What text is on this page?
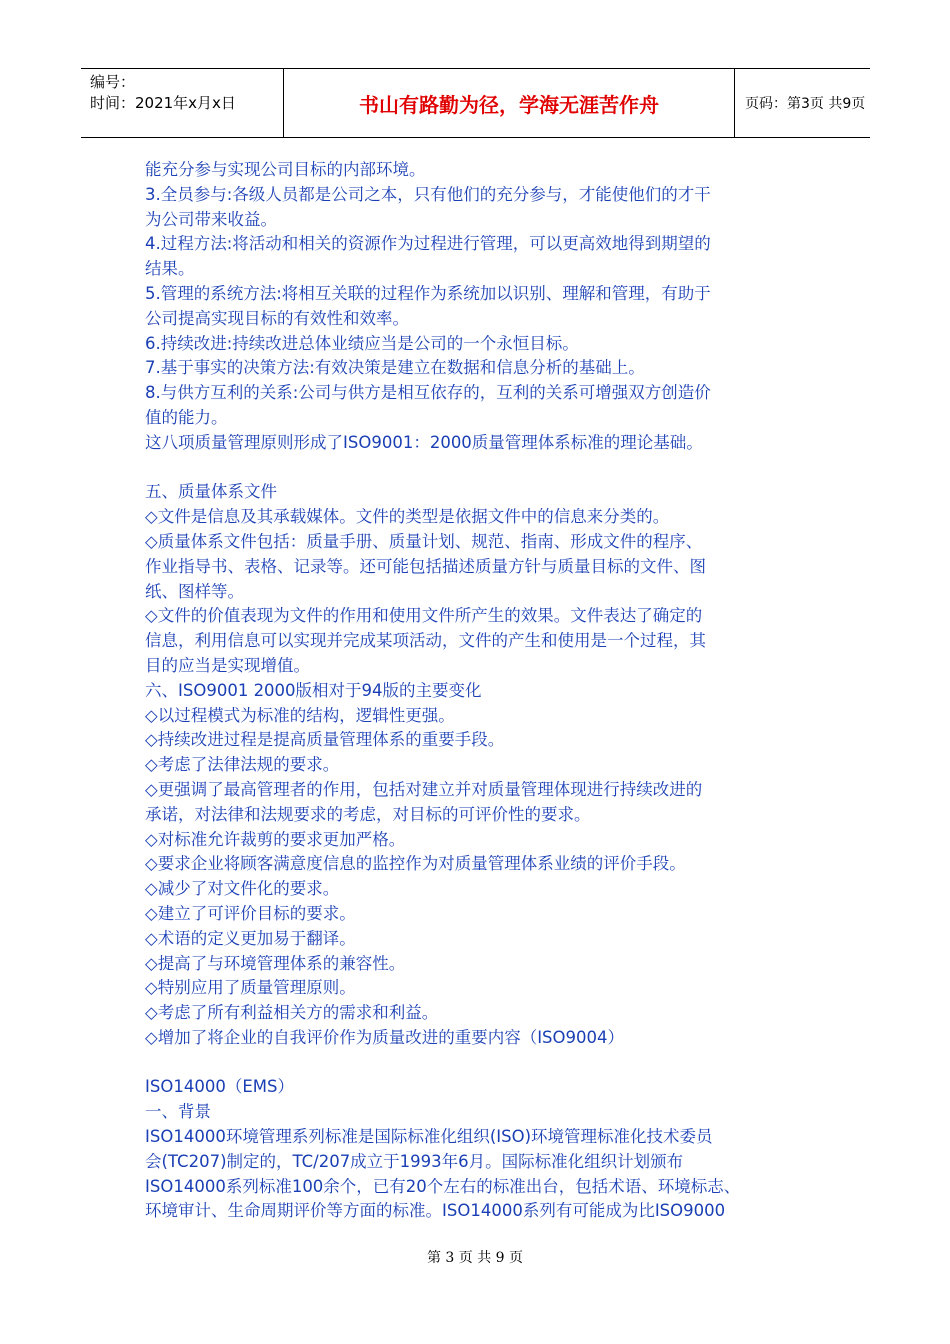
编号：
时间：2021年x月x日	书山有路勤为径，学海无涯苦作舟	页码：第3页 共9页
能充分参与实现公司目标的内部环境。
3.全员参与:各级人员都是公司之本，只有他们的充分参与，才能使他们的才干
为公司带来收益。
4.过程方法:将活动和相关的资源作为过程进行管理，可以更高效地得到期望的
结果。
5.管理的系统方法:将相互关联的过程作为系统加以识别、理解和管理，有助于
公司提高实现目标的有效性和效率。
6.持续改进:持续改进总体业绩应当是公司的一个永恒目标。
7.基于事实的决策方法:有效决策是建立在数据和信息分析的基础上。
8.与供方互利的关系:公司与供方是相互依存的，互利的关系可增强双方创造价
值的能力。
这八项质量管理原则形成了ISO9001：2000质量管理体系标准的理论基础。
五、质量体系文件
◇文件是信息及其承载媒体。文件的类型是依据文件中的信息来分类的。
◇质量体系文件包括：质量手册、质量计划、规范、指南、形成文件的程序、
作业指导书、表格、记录等。还可能包括描述质量方针与质量目标的文件、图
纸、图样等。
◇文件的价值表现为文件的作用和使用文件所产生的效果。文件表达了确定的
信息，利用信息可以实现并完成某项活动，文件的产生和使用是一个过程，其
目的应当是实现增值。
六、ISO9001 2000版相对于94版的主要变化
◇以过程模式为标准的结构，逻辑性更强。
◇持续改进过程是提高质量管理体系的重要手段。
◇考虑了法律法规的要求。
◇更强调了最高管理者的作用，包括对建立并对质量管理体现进行持续改进的
承诺，对法律和法规要求的考虑，对目标的可评价性的要求。
◇对标准允许裁剪的要求更加严格。
◇要求企业将顾客满意度信息的监控作为对质量管理体系业绩的评价手段。
◇减少了对文件化的要求。
◇建立了可评价目标的要求。
◇术语的定义更加易于翻译。
◇提高了与环境管理体系的兼容性。
◇特别应用了质量管理原则。
◇考虑了所有利益相关方的需求和利益。
◇增加了将企业的自我评价作为质量改进的重要内容（ISO9004）
ISO14000（EMS）
一、背景
ISO14000环境管理系列标准是国际标准化组织(ISO)环境管理标准化技术委员
会(TC207)制定的，TC/207成立于1993年6月。国际标准化组织计划颁布
ISO14000系列标准100余个，已有20个左右的标准出台，包括术语、环境标志、
环境审计、生命周期评价等方面的标准。ISO14000系列有可能成为比ISO9000
第 3 页 共 9 页
